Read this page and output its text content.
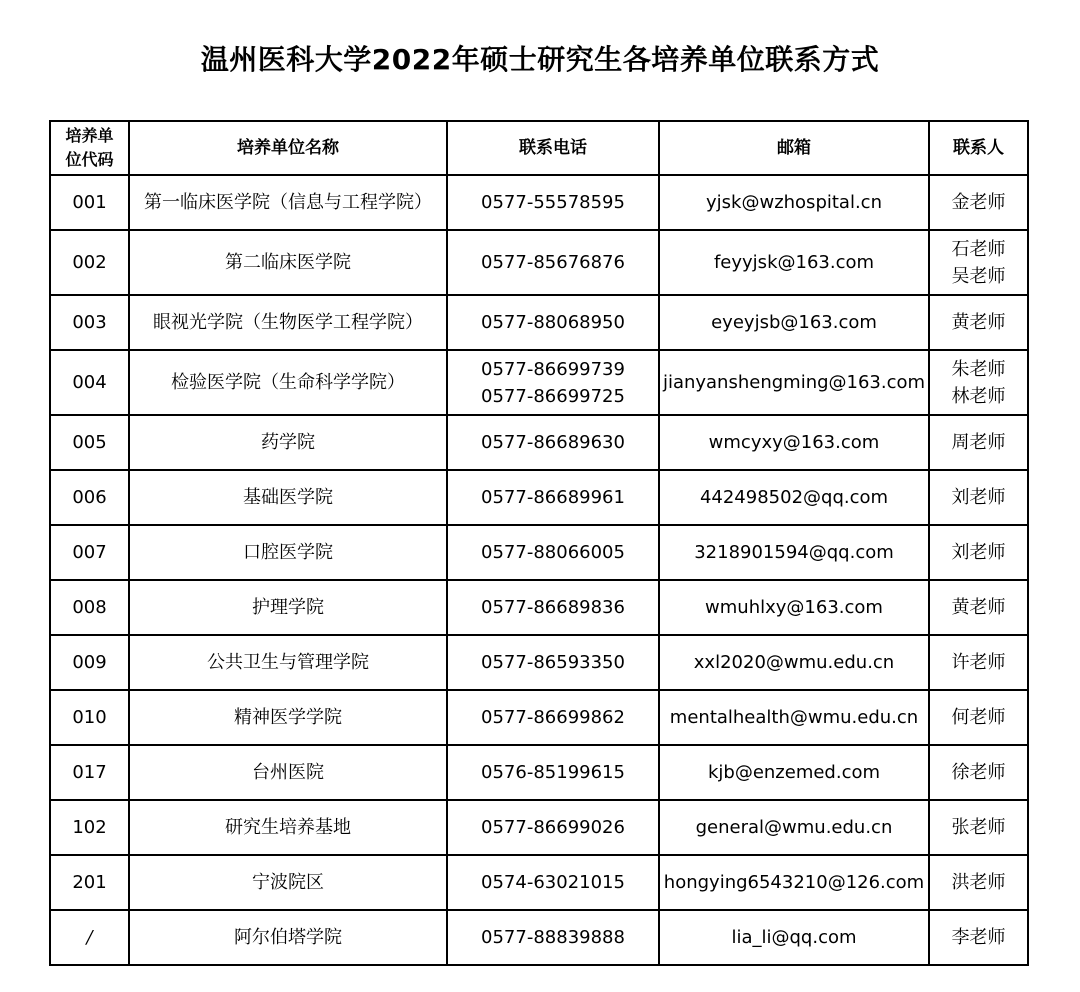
温州医科大学2022年硕士研究生各培养单位联系方式
培养单
位代码	培养单位名称	联系电话	邮箱	联系人
001	第一临床医学院（信息与工程学院）	0577-55578595	yjsk@wzhospital.cn	金老师

002	第二临床医学院	0577-85676876	feyyjsk@163.com	石老师
吴老师

003	眼视光学院（生物医学工程学院）	0577-88068950	eyeyjsb@163.com	黄老师

004	检验医学院（生命科学学院）	0577-86699739
0577-86699725	jianyanshengming@163.com	朱老师
林老师

005	药学院	0577-86689630	wmcyxy@163.com	周老师

006	基础医学院	0577-86689961	442498502@qq.com	刘老师

007	口腔医学院	0577-88066005	3218901594@qq.com	刘老师

008	护理学院	0577-86689836	wmuhlxy@163.com	黄老师

009	公共卫生与管理学院	0577-86593350	xxl2020@wmu.edu.cn	许老师

010	精神医学学院	0577-86699862	mentalhealth@wmu.edu.cn	何老师

017	台州医院	0576-85199615	kjb@enzemed.com	徐老师

102	研究生培养基地	0577-86699026	general@wmu.edu.cn	张老师

201	宁波院区	0574-63021015	hongying6543210@126.com	洪老师

/	阿尔伯塔学院	0577-88839888	lia_li@qq.com	李老师
